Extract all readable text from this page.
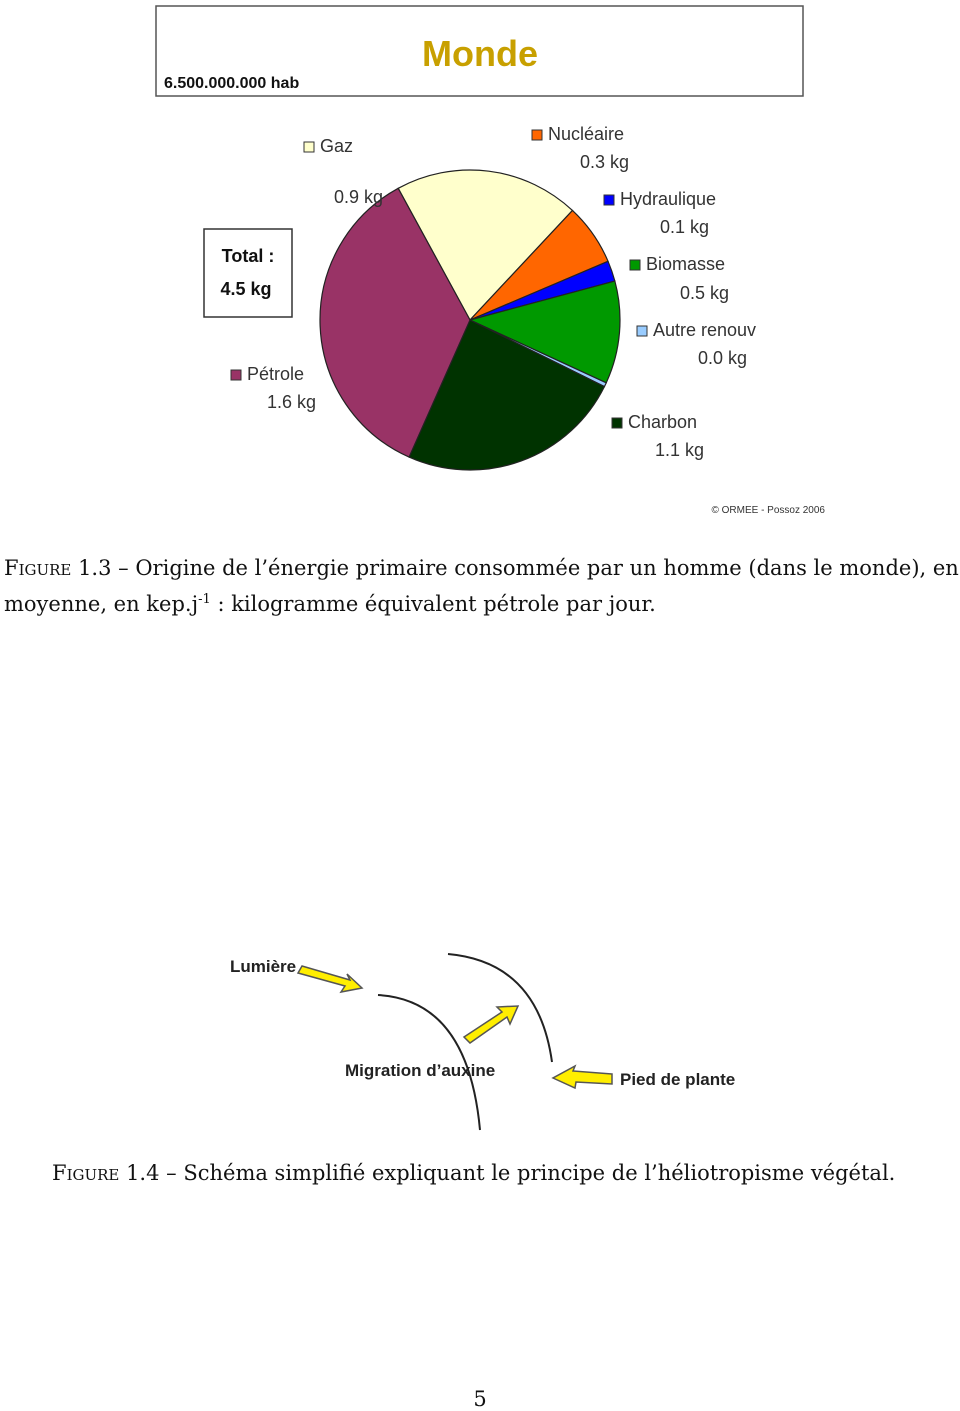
Monde
6.500.000.000 hab
Total :
4.5 kg
Gaz
0.9 kg
Nucléaire
0.3 kg
Hydraulique
0.1 kg
Biomasse
0.5 kg
Autre renouv
0.0 kg
Charbon
1.1 kg
Pétrole
1.6 kg
© ORMEE - Possoz 2006
Figure 1.3 – Origine de l’énergie primaire consommée par un homme (dans le monde), en moyenne, en $kep.j^{-1}$ : kilogramme équivalent pétrole par jour.
Lumière
Migration d’auxine	Pied de plante
Figure 1.4 – Schéma simplifié expliquant le principe de l’héliotropisme végétal.
5
